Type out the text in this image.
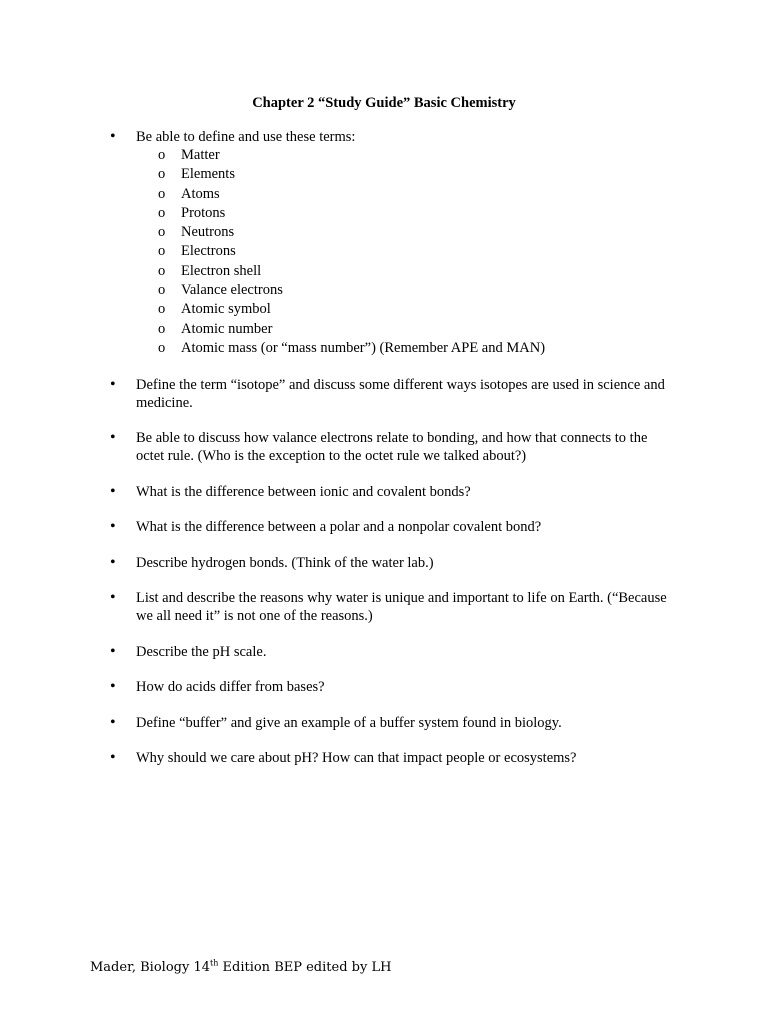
Chapter 2 “Study Guide” Basic Chemistry
• Be able to define and use these terms:
o Matter
o Elements
o Atoms
o Protons
o Neutrons
o Electrons
o Electron shell
o Valance electrons
o Atomic symbol
o Atomic number
o Atomic mass (or “mass number”) (Remember APE and MAN)
• Define the term “isotope” and discuss some different ways isotopes are used in science and medicine.
• Be able to discuss how valance electrons relate to bonding, and how that connects to the octet rule. (Who is the exception to the octet rule we talked about?)
• What is the difference between ionic and covalent bonds?
• What is the difference between a polar and a nonpolar covalent bond?
• Describe hydrogen bonds. (Think of the water lab.)
• List and describe the reasons why water is unique and important to life on Earth. (“Because we all need it” is not one of the reasons.)
• Describe the pH scale.
• How do acids differ from bases?
• Define “buffer” and give an example of a buffer system found in biology.
• Why should we care about pH? How can that impact people or ecosystems?
Mader, Biology 14th Edition BEP edited by LH
